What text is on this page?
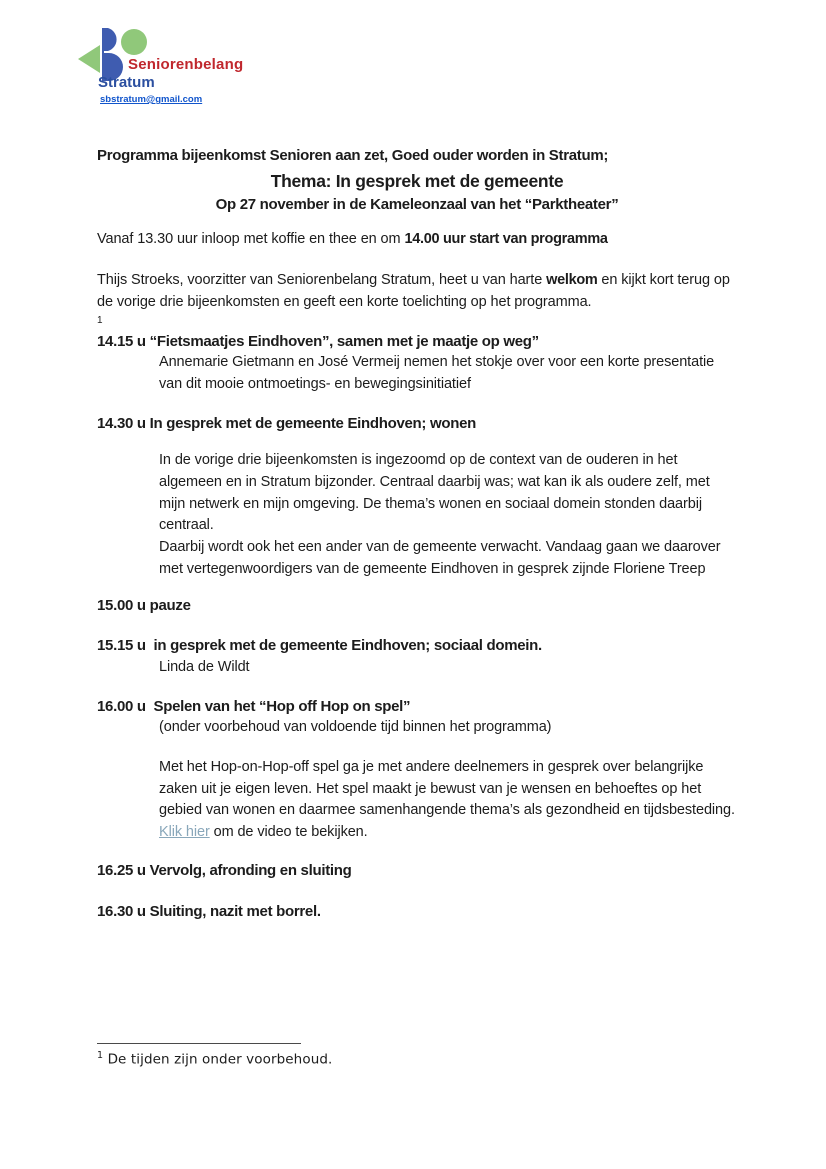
Seniorenbelang
Stratum
sbstratum@gmail.com
Programma bijeenkomst Senioren aan zet, Goed ouder worden in Stratum;
Thema: In gesprek met de gemeente
Op 27 november in de Kameleonzaal van het “Parktheater”

Vanaf 13.30 uur inloop met koffie en thee en om 14.00 uur start van programma

Thijs Stroeks, voorzitter van Seniorenbelang Stratum, heet u van harte welkom en kijkt kort terug op de vorige drie bijeenkomsten en geeft een korte toelichting op het programma.

1
14.15 u “Fietsmaatjes Eindhoven”, samen met je maatje op weg”

Annemarie Gietmann en José Vermeij nemen het stokje over voor een korte presentatie van dit mooie ontmoetings- en bewegingsinitiatief

14.30 u In gesprek met de gemeente Eindhoven; wonen

In de vorige drie bijeenkomsten is ingezoomd op de context van de ouderen in het algemeen en in Stratum bijzonder. Centraal daarbij was; wat kan ik als oudere zelf, met mijn netwerk en mijn omgeving. De thema’s wonen en sociaal domein stonden daarbij centraal.

Daarbij wordt ook het een ander van de gemeente verwacht. Vandaag gaan we daarover met vertegenwoordigers van de gemeente Eindhoven in gesprek zijnde Floriene Treep

15.00 u pauze
15.15 u  in gesprek met de gemeente Eindhoven; sociaal domein.

Linda de Wildt

16.00 u  Spelen van het “Hop off Hop on spel”

(onder voorbehoud van voldoende tijd binnen het programma)

Met het Hop-on-Hop-off spel ga je met andere deelnemers in gesprek over belangrijke zaken uit je eigen leven. Het spel maakt je bewust van je wensen en behoeftes op het gebied van wonen en daarmee samenhangende thema’s als gezondheid en tijdsbesteding. Klik hier om de video te bekijken.

16.25 u Vervolg, afronding en sluiting
16.30 u Sluiting, nazit met borrel.
$^1$ De tijden zijn onder voorbehoud.
